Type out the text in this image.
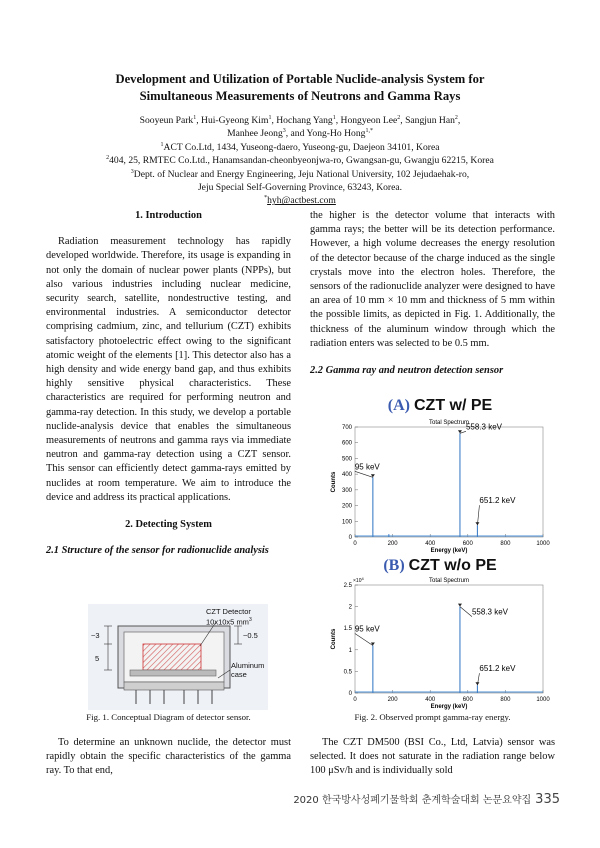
Development and Utilization of Portable Nuclide-analysis System for
Simultaneous Measurements of Neutrons and Gamma Rays
Sooyeun Park$^1$, Hui-Gyeong Kim$^1$, Hochang Yang$^1$, Hongyeon Lee$^2$, Sangjun Han$^2$,
Manhee Jeong$^3$, and Yong-Ho Hong$^{1,*}$
$^1$ACT Co.Ltd, 1434, Yuseong-daero, Yuseong-gu, Daejeon 34101, Korea
$^2$404, 25, RMTEC Co.Ltd., Hanamsandan-cheonbyeonjwa-ro, Gwangsan-gu, Gwangju 62215, Korea
$^3$Dept. of Nuclear and Energy Engineering, Jeju National University, 102 Jejudaehak-ro,
Jeju Special Self-Governing Province, 63243, Korea.
*hyh@actbest.com
1. Introduction

Radiation measurement technology has rapidly developed worldwide. Therefore, its usage is expanding in not only the domain of nuclear power plants (NPPs), but also various industries including nuclear medicine, security search, satellite, nondestructive testing, and environmental industries. A semiconductor detector comprising cadmium, zinc, and tellurium (CZT) exhibits satisfactory photoelectric effect owing to the significant atomic weight of the elements [1]. This detector also has a high density and wide energy band gap, and thus exhibits highly sensitive physical characteristics. These characteristics are required for performing neutron and gamma-ray detection. In this study, we develop a portable nuclide-analysis device that enables the simultaneous measurements of neutrons and gamma rays via immediate neutron and gamma-ray detection using a CZT sensor. This sensor can efficiently detect gamma-rays emitted by nuclides at room temperature. We aim to introduce the device and address its practical applications.

2. Detecting System
2.1 Structure of the sensor for radionuclide analysis
CZT Detector
10x10x5 $mm^3$
Aluminum
case
~3
5
~0.5
Fig. 1. Conceptual Diagram of detector sensor.

To determine an unknown nuclide, the detector must rapidly obtain the specific characteristics of the gamma ray. To that end,

the higher is the detector volume that interacts with gamma rays; the better will be its detection performance. However, a high volume decreases the energy resolution of the detector because of the charge induced as the single crystals move into the electron holes. Therefore, the sensors of the radionuclide analyzer were designed to have an area of 10 mm × 10 mm and thickness of 5 mm within the possible limits, as depicted in Fig. 1. Additionally, the thickness of the aluminum window through which the radiation enters was selected to be 0.5 mm.

2.2 Gamma ray and neutron detection sensor
(A) CZT w/ PE
Total Spectrum
0
100
200
300
400
500
600
700
0	200	400	600	800	1000
Energy (keV)
Counts
95 keV
558.3 keV
651.2 keV
(B) CZT w/o PE
Total Spectrum
0
0.5
1
1.5
2
2.5
0	200	400	600	800	1000
Energy (keV)
Counts
$\times 10^4$
95 keV
558.3 keV
651.2 keV
Fig. 2. Observed prompt gamma-ray energy.

The CZT DM500 (BSI Co., Ltd, Latvia) sensor was selected. It does not saturate in the radiation range below 100 μSv/h and is individually sold

2020 한국방사성폐기물학회 춘계학술대회 논문요약집 335
